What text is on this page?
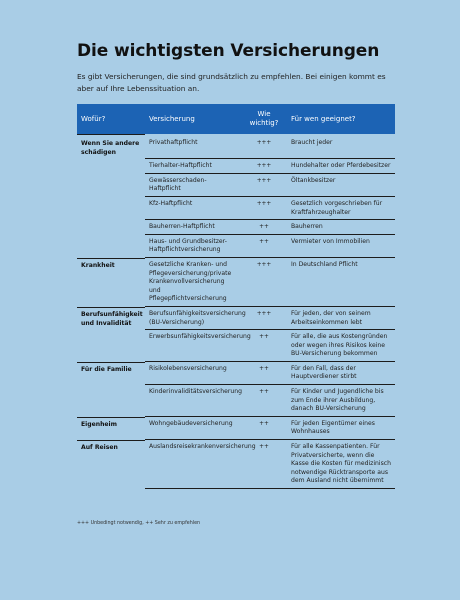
Die wichtigsten Versicherungen

Es gibt Versicherungen, die sind grundsätzlich zu empfehlen. Bei einigen kommt es aber auf Ihre Lebenssituation an.

Wofür?	Versicherung	Wie wichtig?	Für wen geeignet?
Wenn Sie andere schädigen	Privathaftpflicht	+++	Braucht jeder
	Tierhalter-Haftpflicht	+++	Hundehalter oder Pferdebesitzer
	Gewässerschaden-Haftpflicht	+++	Öltankbesitzer
	Kfz-Haftpflicht	+++	Gesetzlich vorgeschrieben für Kraftfahrzeughalter
	Bauherren-Haftpflicht	++	Bauherren
	Haus- und Grundbesitzer-Haftpflichtversicherung	++	Vermieter von Immobilien
Krankheit	Gesetzliche Kranken- und Pflegeversicherung/private Krankenvollversicherung und Pflegepflichtversicherung	+++	In Deutschland Pflicht
Berufsunfähigkeit und Invalidität	Berufsunfähigkeitsversicherung (BU-Versicherung)	+++	Für jeden, der von seinem Arbeitseinkommen lebt
	Erwerbsunfähigkeitsversicherung	++	Für alle, die aus Kostengründen oder wegen ihres Risikos keine BU-Versicherung bekommen
Für die Familie	Risikolebensversicherung	++	Für den Fall, dass der Hauptverdiener stirbt
	Kinderinvaliditätsversicherung	++	Für Kinder und Jugendliche bis zum Ende ihrer Ausbildung, danach BU-Versicherung
Eigenheim	Wohngebäudeversicherung	++	Für jeden Eigentümer eines Wohnhauses
Auf Reisen	Auslandsreisekrankenversicherung	++	Für alle Kassenpatienten. Für Privatversicherte, wenn die Kasse die Kosten für medizinisch notwendige Rücktransporte aus dem Ausland nicht übernimmt
+++ Unbedingt notwendig, ++ Sehr zu empfehlen
